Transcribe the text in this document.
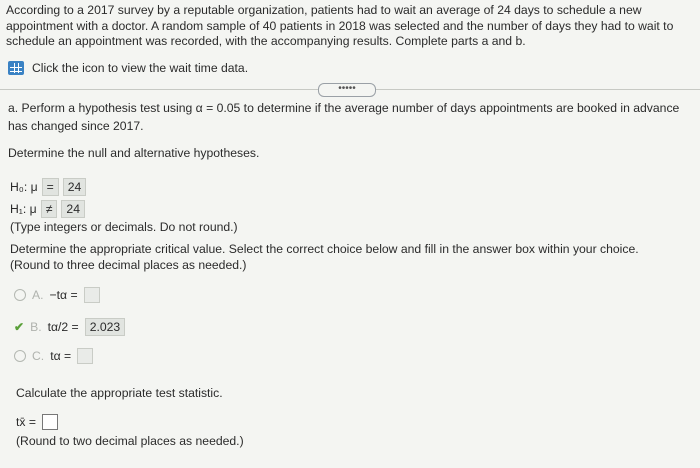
According to a 2017 survey by a reputable organization, patients had to wait an average of 24 days to schedule a new appointment with a doctor. A random sample of 40 patients in 2018 was selected and the number of days they had to wait to schedule an appointment was recorded, with the accompanying results. Complete parts a and b.
Click the icon to view the wait time data.
•••••
a. Perform a hypothesis test using α = 0.05 to determine if the average number of days appointments are booked in advance has changed since 2017.
Determine the null and alternative hypotheses.
H₀: μ =	24
H₁: μ ≠	24
(Type integers or decimals. Do not round.)
Determine the appropriate critical value. Select the correct choice below and fill in the answer box within your choice.
(Round to three decimal places as needed.)
A. −tα =
✔ B. tα/2 = 2.023
C. tα =
Calculate the appropriate test statistic.
tx̄ =
(Round to two decimal places as needed.)
